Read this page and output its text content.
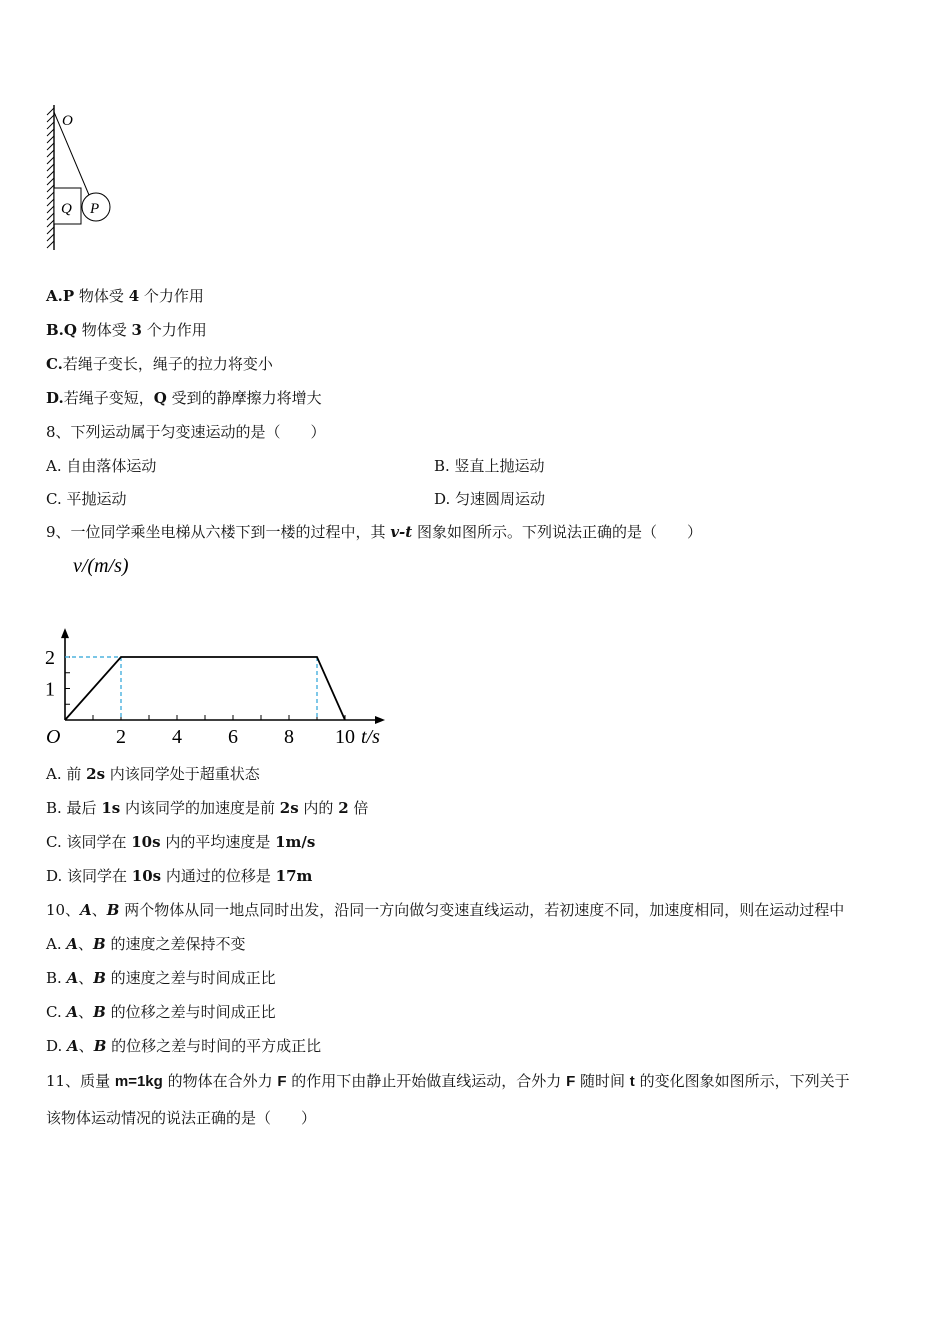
O
Q P
A.P 物体受 4 个力作用
B.Q 物体受 3 个力作用
C.若绳子变长，绳子的拉力将变小
D.若绳子变短，Q 受到的静摩擦力将增大
8、下列运动属于匀变速运动的是（　　）
A. 自由落体运动	B. 竖直上抛运动
C. 平抛运动	D. 匀速圆周运动
9、一位同学乘坐电梯从六楼下到一楼的过程中，其 v-t 图象如图所示。下列说法正确的是（　　）
2 4 6 8 10
1
2
O	t/s
v/(m/s)
A. 前 2s 内该同学处于超重状态
B. 最后 1s 内该同学的加速度是前 2s 内的 2 倍
C. 该同学在 10s 内的平均速度是 1m/s
D. 该同学在 10s 内通过的位移是 17m
10、A、B 两个物体从同一地点同时出发，沿同一方向做匀变速直线运动，若初速度不同，加速度相同，则在运动过程中
A. A、B 的速度之差保持不变
B. A、B 的速度之差与时间成正比
C. A、B 的位移之差与时间成正比
D. A、B 的位移之差与时间的平方成正比
11、质量 m=1kg 的物体在合外力 F 的作用下由静止开始做直线运动，合外力 F 随时间 t 的变化图象如图所示，下列关于
该物体运动情况的说法正确的是（　　）
